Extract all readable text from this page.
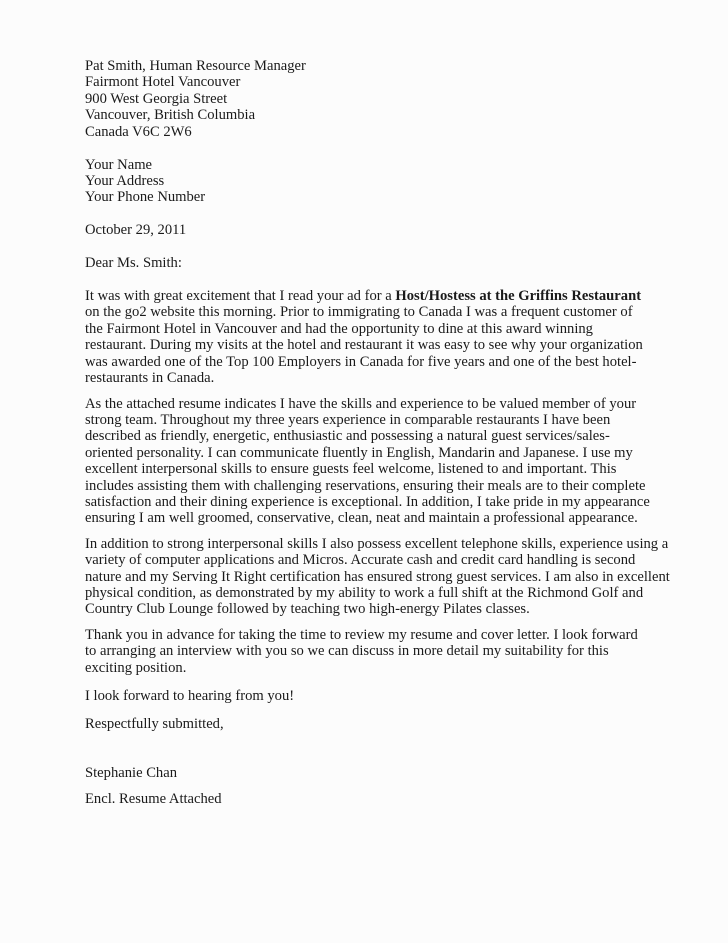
Pat Smith, Human Resource Manager
Fairmont Hotel Vancouver
900 West Georgia Street
Vancouver, British Columbia
Canada V6C 2W6
Your Name
Your Address
Your Phone Number
October 29, 2011
Dear Ms. Smith:
It was with great excitement that I read your ad for a Host/Hostess at the Griffins Restaurant
on the go2 website this morning. Prior to immigrating to Canada I was a frequent customer of
the Fairmont Hotel in Vancouver and had the opportunity to dine at this award winning
restaurant. During my visits at the hotel and restaurant it was easy to see why your organization
was awarded one of the Top 100 Employers in Canada for five years and one of the best hotel-
restaurants in Canada.
As the attached resume indicates I have the skills and experience to be valued member of your
strong team. Throughout my three years experience in comparable restaurants I have been
described as friendly, energetic, enthusiastic and possessing a natural guest services/sales-
oriented personality. I can communicate fluently in English, Mandarin and Japanese. I use my
excellent interpersonal skills to ensure guests feel welcome, listened to and important. This
includes assisting them with challenging reservations, ensuring their meals are to their complete
satisfaction and their dining experience is exceptional. In addition, I take pride in my appearance
ensuring I am well groomed, conservative, clean, neat and maintain a professional appearance.
In addition to strong interpersonal skills I also possess excellent telephone skills, experience using a
variety of computer applications and Micros. Accurate cash and credit card handling is second
nature and my Serving It Right certification has ensured strong guest services. I am also in excellent
physical condition, as demonstrated by my ability to work a full shift at the Richmond Golf and
Country Club Lounge followed by teaching two high-energy Pilates classes.
Thank you in advance for taking the time to review my resume and cover letter. I look forward
to arranging an interview with you so we can discuss in more detail my suitability for this
exciting position.
I look forward to hearing from you!
Respectfully submitted,
Stephanie Chan
Encl. Resume Attached
